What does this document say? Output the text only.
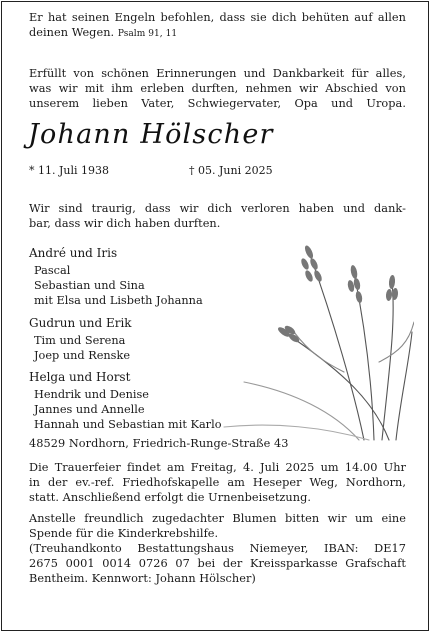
Er hat seinen Engeln befohlen, dass sie dich behüten auf allen
deinen Wegen. Psalm 91, 11
Erfüllt von schönen Erinnerungen und Dankbarkeit für alles,
was wir mit ihm erleben durften, nehmen wir Abschied von
unserem lieben Vater, Schwiegervater, Opa und Uropa.
Johann Hölscher
* 11. Juli 1938	† 05. Juni 2025
Wir sind traurig, dass wir dich verloren haben und dank-
bar, dass wir dich haben durften.
André und Iris
Pascal
Sebastian und Sina
mit Elsa und Lisbeth Johanna
Gudrun und Erik
Tim und Serena
Joep und Renske
Helga und Horst
Hendrik und Denise
Jannes und Annelle
Hannah und Sebastian mit Karlo
48529 Nordhorn, Friedrich-Runge-Straße 43
Die Trauerfeier findet am Freitag, 4. Juli 2025 um 14.00 Uhr
in der ev.-ref. Friedhofskapelle am Heseper Weg, Nordhorn,
statt. Anschließend erfolgt die Urnenbeisetzung.
Anstelle freundlich zugedachter Blumen bitten wir um eine
Spende für die Kinderkrebshilfe.
(Treuhandkonto Bestattungshaus Niemeyer, IBAN: DE17
2675 0001 0014 0726 07 bei der Kreissparkasse Grafschaft
Bentheim. Kennwort: Johann Hölscher)
